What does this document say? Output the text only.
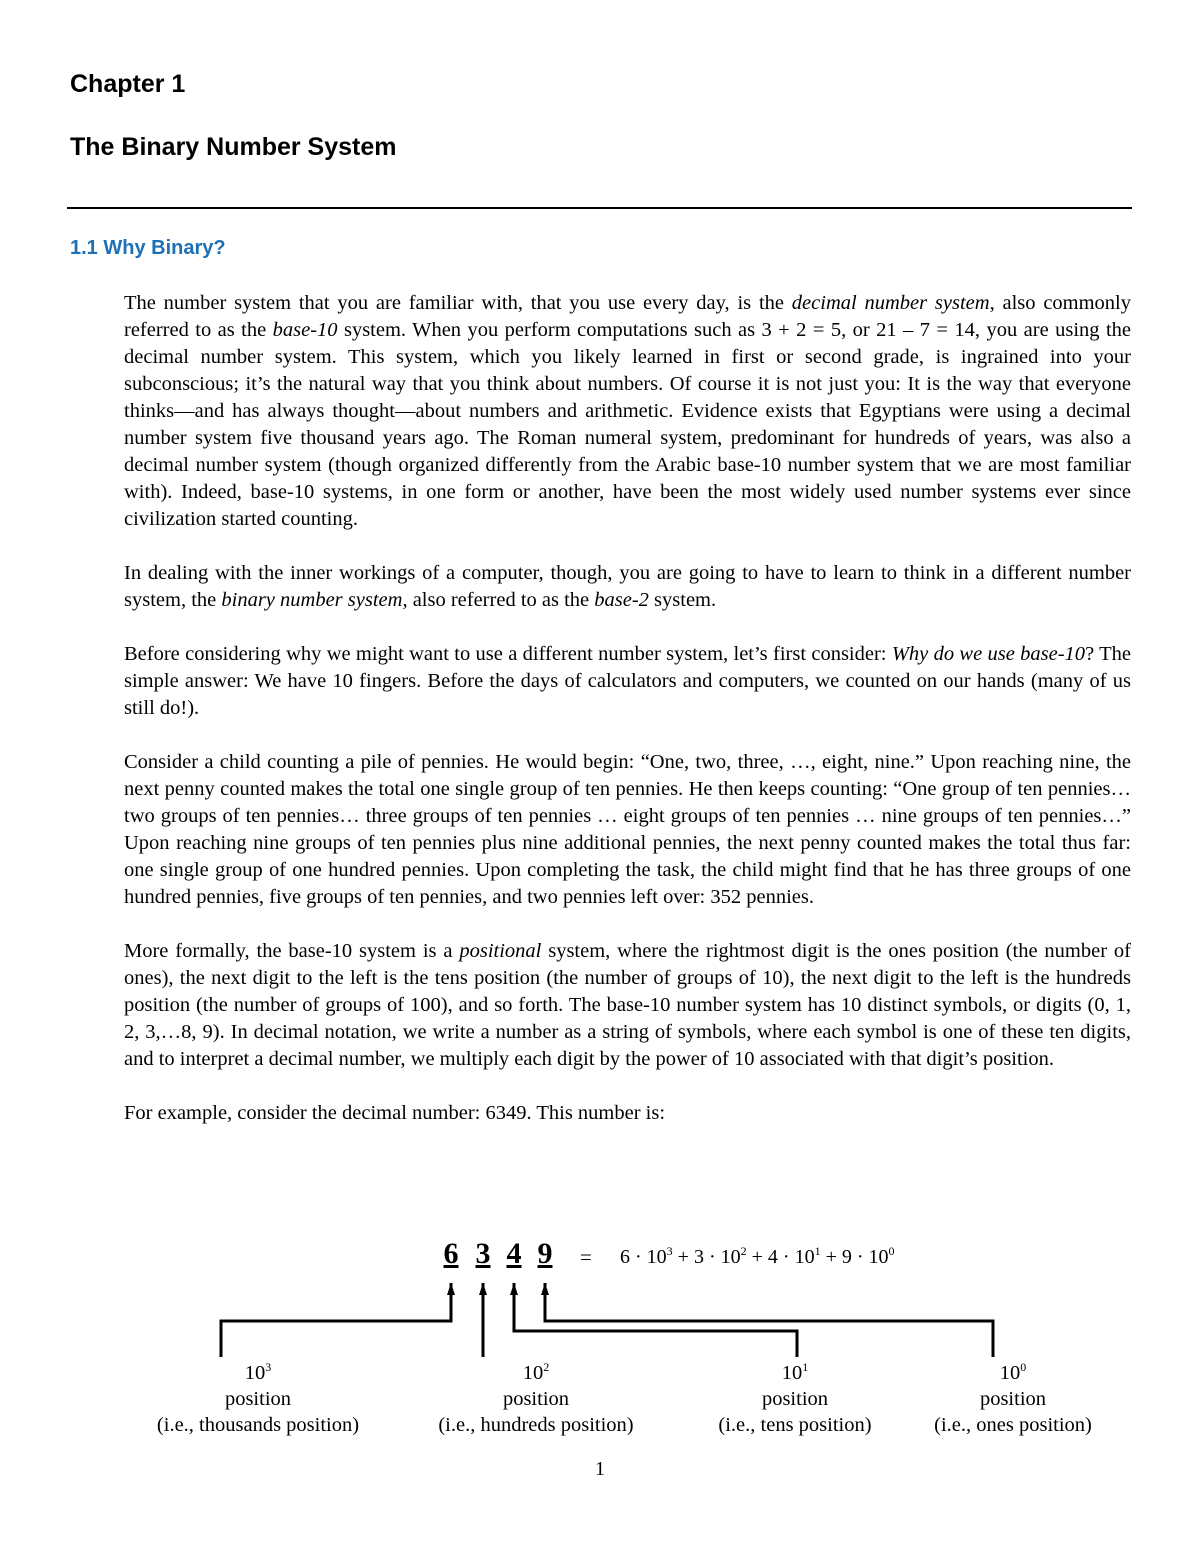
Chapter 1
The Binary Number System
1.1 Why Binary?

The number system that you are familiar with, that you use every day, is the decimal number system, also commonly referred to as the base-10 system. When you perform computations such as 3 + 2 = 5, or 21 – 7 = 14, you are using the decimal number system. This system, which you likely learned in first or second grade, is ingrained into your subconscious; it’s the natural way that you think about numbers. Of course it is not just you: It is the way that everyone thinks—and has always thought—about numbers and arithmetic. Evidence exists that Egyptians were using a decimal number system five thousand years ago. The Roman numeral system, predominant for hundreds of years, was also a decimal number system (though organized differently from the Arabic base-10 number system that we are most familiar with). Indeed, base-10 systems, in one form or another, have been the most widely used number systems ever since civilization started counting.

In dealing with the inner workings of a computer, though, you are going to have to learn to think in a different number system, the binary number system, also referred to as the base-2 system.

Before considering why we might want to use a different number system, let’s first consider: Why do we use base-10? The simple answer: We have 10 fingers. Before the days of calculators and computers, we counted on our hands (many of us still do!).

Consider a child counting a pile of pennies. He would begin: “One, two, three, …, eight, nine.” Upon reaching nine, the next penny counted makes the total one single group of ten pennies. He then keeps counting: “One group of ten pennies… two groups of ten pennies… three groups of ten pennies … eight groups of ten pennies … nine groups of ten pennies…” Upon reaching nine groups of ten pennies plus nine additional pennies, the next penny counted makes the total thus far: one single group of one hundred pennies. Upon completing the task, the child might find that he has three groups of one hundred pennies, five groups of ten pennies, and two pennies left over: 352 pennies.

More formally, the base-10 system is a positional system, where the rightmost digit is the ones position (the number of ones), the next digit to the left is the tens position (the number of groups of 10), the next digit to the left is the hundreds position (the number of groups of 100), and so forth. The base-10 number system has 10 distinct symbols, or digits (0, 1, 2, 3,…8, 9). In decimal notation, we write a number as a string of symbols, where each symbol is one of these ten digits, and to interpret a decimal number, we multiply each digit by the power of 10 associated with that digit’s position.

For example, consider the decimal number: 6349. This number is:

6 3 4 $9 = 6 \cdot 10^3 + 3 \cdot 10^2 + 4 \cdot 10^1 + 9 \cdot 10^0$
$10^3$
position
(i.e., thousands position)
$10^2$
position
(i.e., hundreds position)
$10^1$
position
(i.e., tens position)
$10^0$
position
(i.e., ones position)
1
